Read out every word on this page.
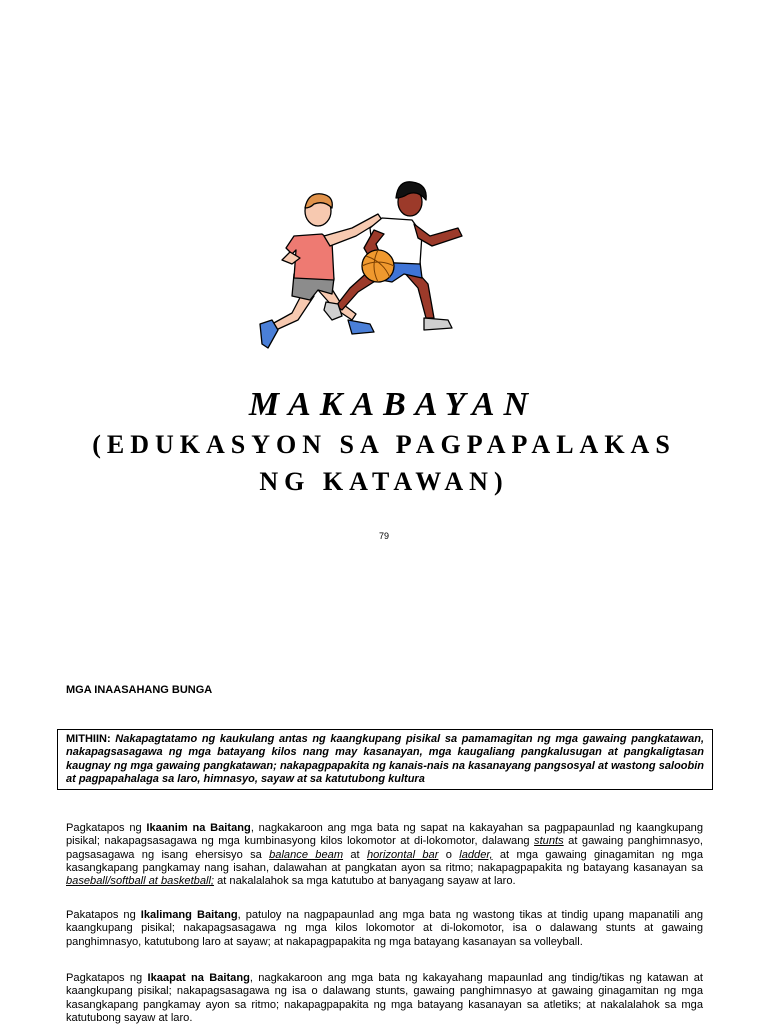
MAKABAYAN
(EDUKASYON SA PAGPAPALAKAS
NG KATAWAN)
79
MGA INAASAHANG BUNGA
MITHIIN: Nakapagtatamo ng kaukulang antas ng kaangkupang pisikal sa pamamagitan ng mga gawaing pangkatawan, nakapagsasagawa ng mga batayang kilos nang may kasanayan, mga kaugaliang pangkalusugan at pangkaligtasan kaugnay ng mga gawaing pangkatawan; nakapagpapakita ng kanais-nais na kasanayang pangsosyal at wastong saloobin at pagpapahalaga sa laro, himnasyo, sayaw at sa katutubong kultura
Pagkatapos ng Ikaanim na Baitang, nagkakaroon ang mga bata ng sapat na kakayahan sa pagpapaunlad ng kaangkupang pisikal; nakapagsasagawa ng mga kumbinasyong kilos lokomotor at di-lokomotor, dalawang stunts at gawaing panghimnasyo, pagsasagawa ng isang ehersisyo sa balance beam at horizontal bar o ladder, at mga gawaing ginagamitan ng mga kasangkapang pangkamay nang isahan, dalawahan at pangkatan ayon sa ritmo; nakapagpapakita ng batayang kasanayan sa baseball/softball at basketball; at nakalalahok sa mga katutubo at banyagang sayaw at laro.
Pakatapos ng Ikalimang Baitang, patuloy na nagpapaunlad ang mga bata ng wastong tikas at tindig upang mapanatili ang kaangkupang pisikal; nakapagsasagawa ng mga kilos lokomotor at di-lokomotor, isa o dalawang stunts at gawaing panghimnasyo, katutubong laro at sayaw; at nakapagpapakita ng mga batayang kasanayan sa volleyball.
Pagkatapos ng Ikaapat na Baitang, nagkakaroon ang mga bata ng kakayahang mapaunlad ang tindig/tikas ng katawan at kaangkupang pisikal; nakapagsasagawa ng isa o dalawang stunts, gawaing panghimnasyo at gawaing ginagamitan ng mga kasangkapang pangkamay ayon sa ritmo; nakapagpapakita ng mga batayang kasanayan sa atletiks; at nakalalahok sa mga katutubong sayaw at laro.
